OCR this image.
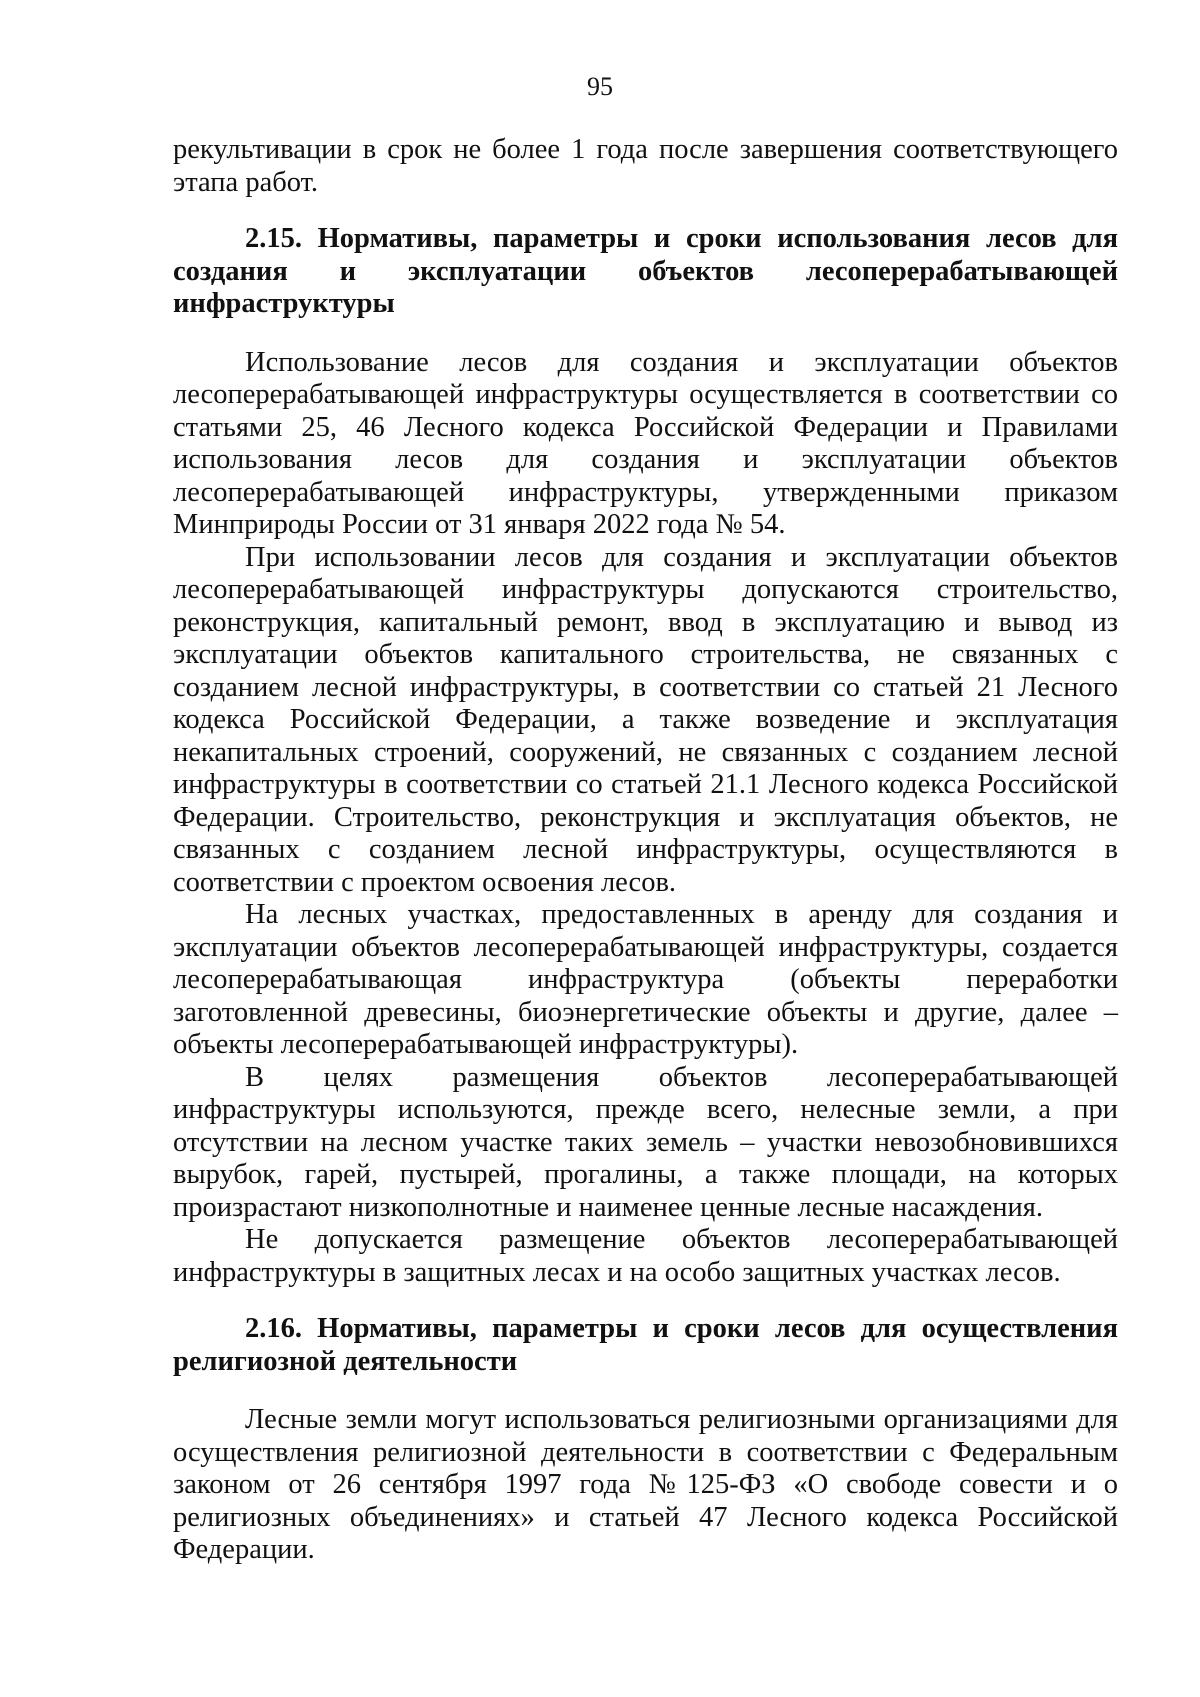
95

рекультивации в срок не более 1 года после завершения соответствующего этапа работ.

2.15. Нормативы, параметры и сроки использования лесов для создания и эксплуатации объектов лесоперерабатывающей инфраструктуры

Использование лесов для создания и эксплуатации объектов лесоперерабатывающей инфраструктуры осуществляется в соответствии со статьями 25, 46 Лесного кодекса Российской Федерации и Правилами использования лесов для создания и эксплуатации объектов лесоперерабатывающей инфраструктуры, утвержденными приказом Минприроды России от 31 января 2022 года № 54.

При использовании лесов для создания и эксплуатации объектов лесоперерабатывающей инфраструктуры допускаются строительство, реконструкция, капитальный ремонт, ввод в эксплуатацию и вывод из эксплуатации объектов капитального строительства, не связанных с созданием лесной инфраструктуры, в соответствии со статьей 21 Лесного кодекса Российской Федерации, а также возведение и эксплуатация некапитальных строений, сооружений, не связанных с созданием лесной инфраструктуры в соответствии со статьей 21.1 Лесного кодекса Российской Федерации. Строительство, реконструкция и эксплуатация объектов, не связанных с созданием лесной инфраструктуры, осуществляются в соответствии с проектом освоения лесов.

На лесных участках, предоставленных в аренду для создания и эксплуатации объектов лесоперерабатывающей инфраструктуры, создается лесоперерабатывающая инфраструктура (объекты переработки заготовленной древесины, биоэнергетические объекты и другие, далее – объекты лесоперерабатывающей инфраструктуры).

В целях размещения объектов лесоперерабатывающей инфраструктуры используются, прежде всего, нелесные земли, а при отсутствии на лесном участке таких земель – участки невозобновившихся вырубок, гарей, пустырей, прогалины, а также площади, на которых произрастают низкополнотные и наименее ценные лесные насаждения.

Не допускается размещение объектов лесоперерабатывающей инфраструктуры в защитных лесах и на особо защитных участках лесов.

2.16. Нормативы, параметры и сроки лесов для осуществления религиозной деятельности

Лесные земли могут использоваться религиозными организациями для осуществления религиозной деятельности в соответствии с Федеральным законом от 26 сентября 1997 года №125-ФЗ «О свободе совести и о религиозных объединениях» и статьей 47 Лесного кодекса Российской Федерации.
